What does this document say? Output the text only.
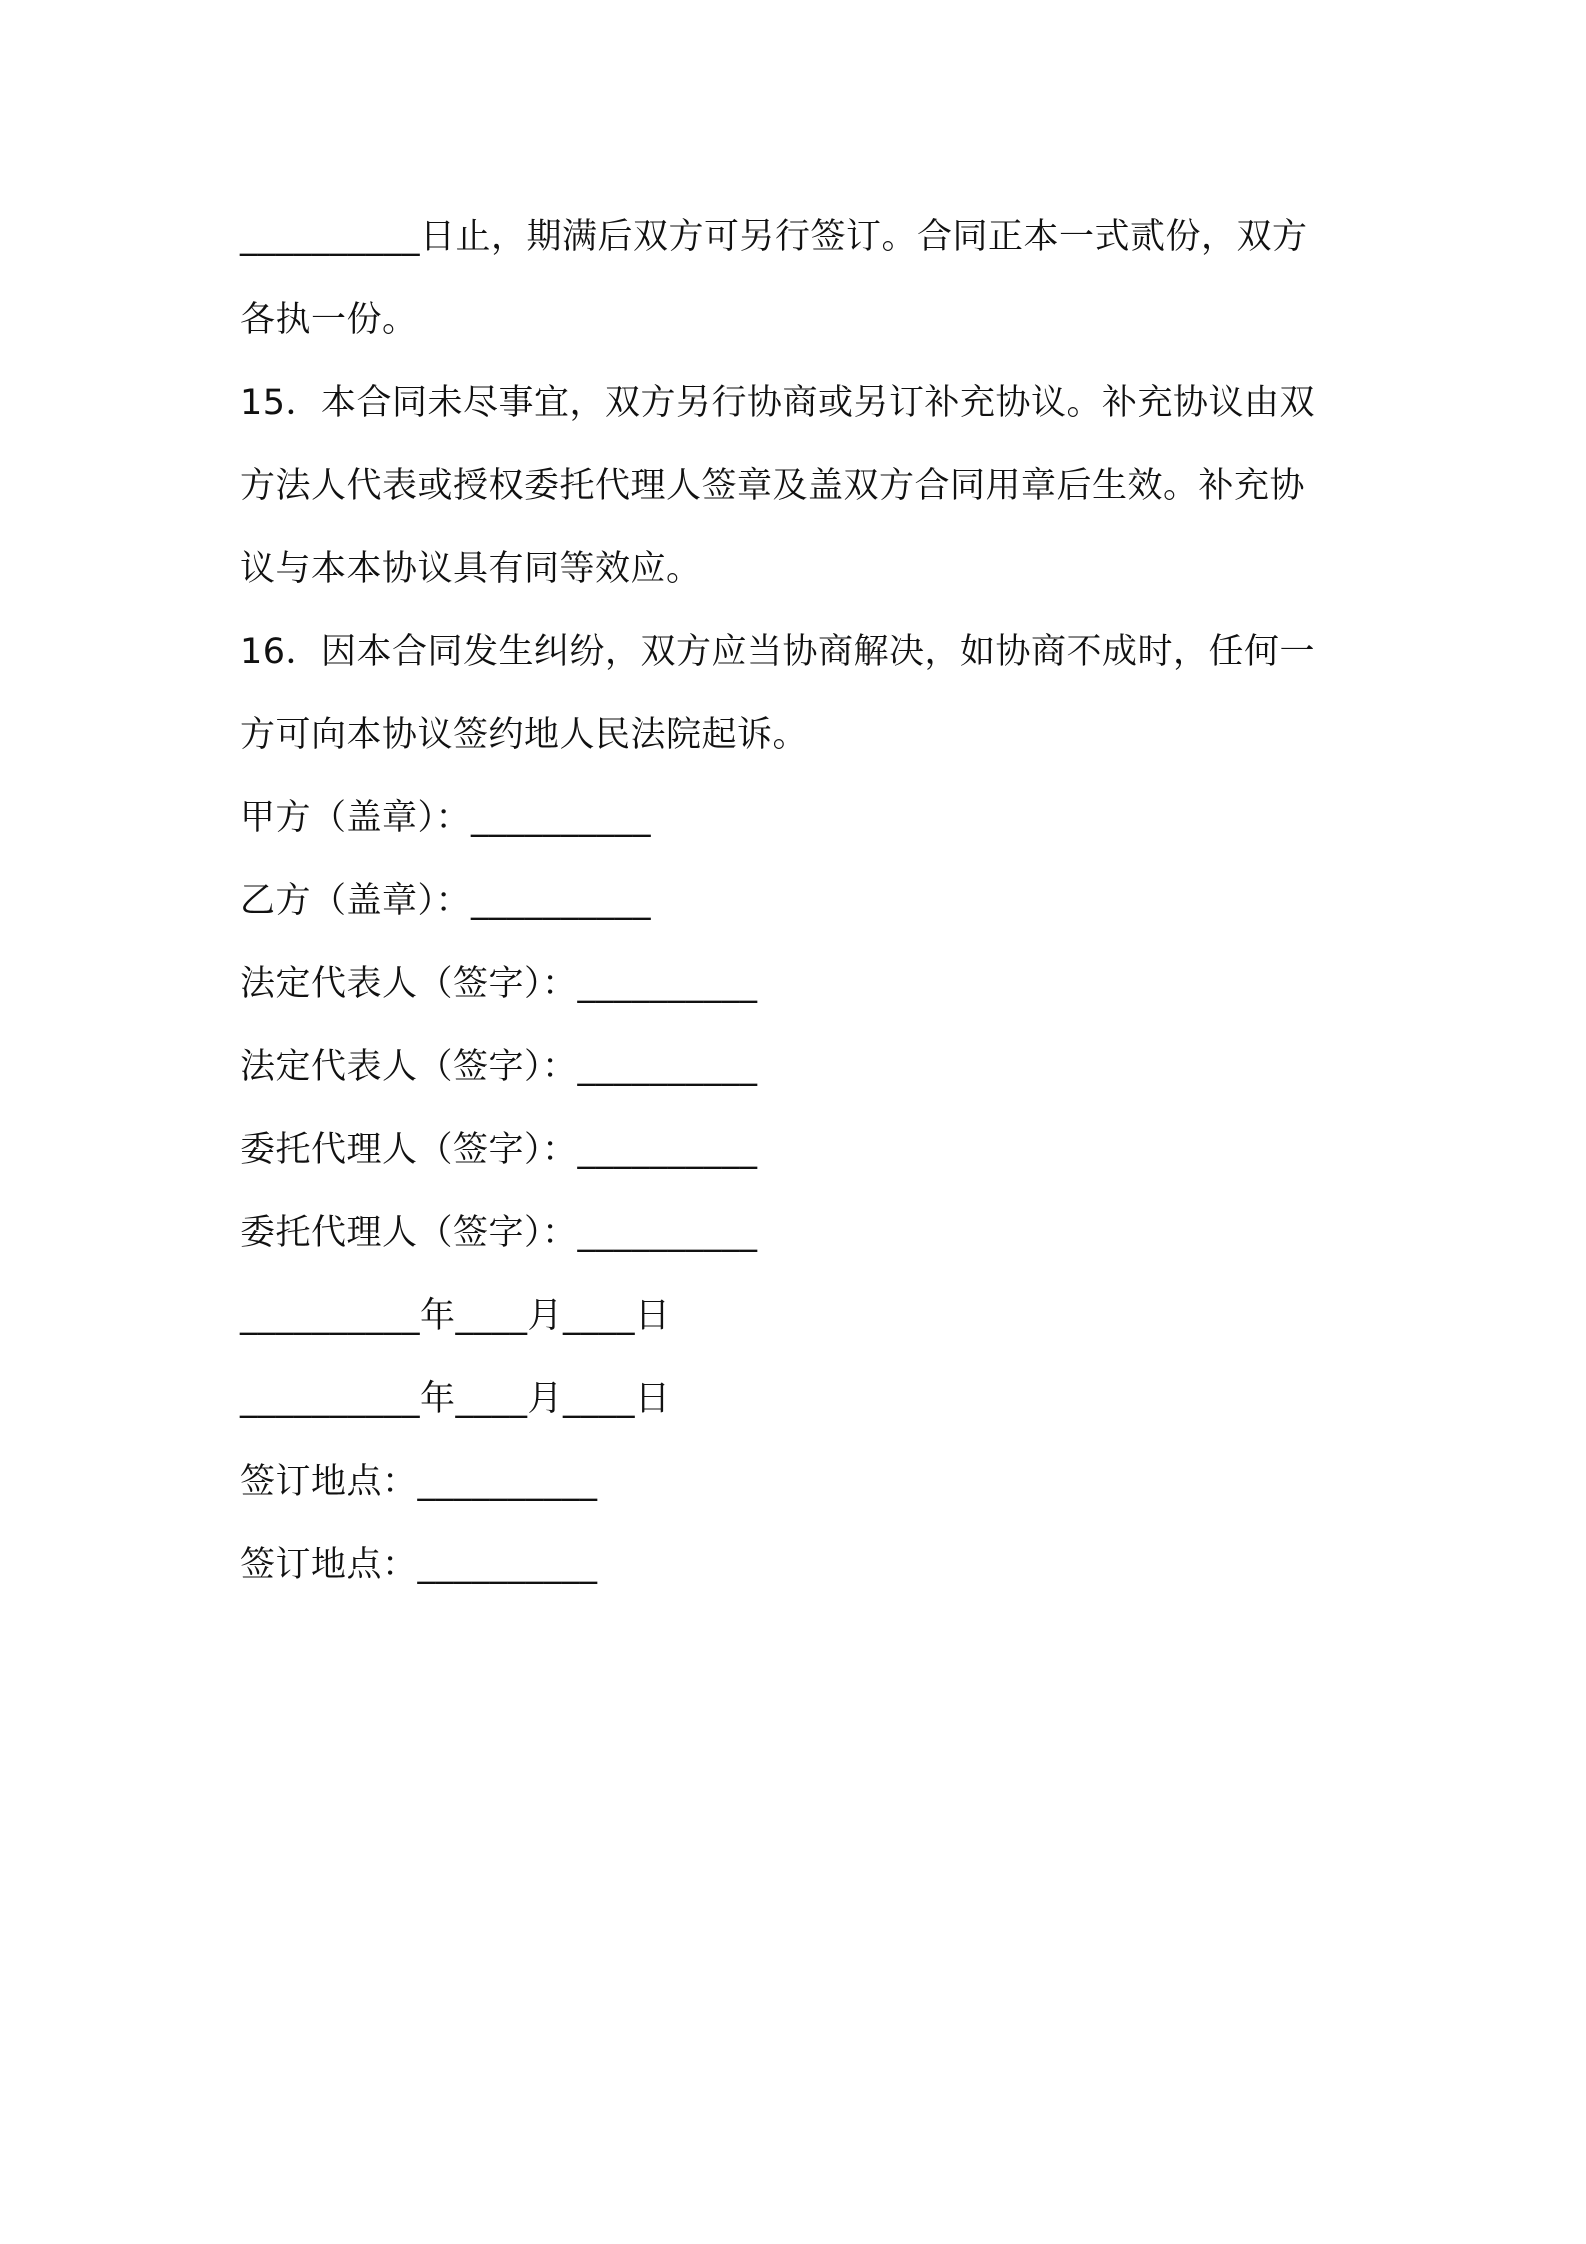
__________日止，期满后双方可另行签订。合同正本一式贰份，双方
各执一份。
15．本合同未尽事宜，双方另行协商或另订补充协议。补充协议由双
方法人代表或授权委托代理人签章及盖双方合同用章后生效。补充协
议与本本协议具有同等效应。
16．因本合同发生纠纷，双方应当协商解决，如协商不成时，任何一
方可向本协议签约地人民法院起诉。
甲方（盖章）：__________
乙方（盖章）：__________
法定代表人（签字）：__________
法定代表人（签字）：__________
委托代理人（签字）：__________
委托代理人（签字）：__________
__________年____月____日
__________年____月____日
签订地点：__________
签订地点：__________
